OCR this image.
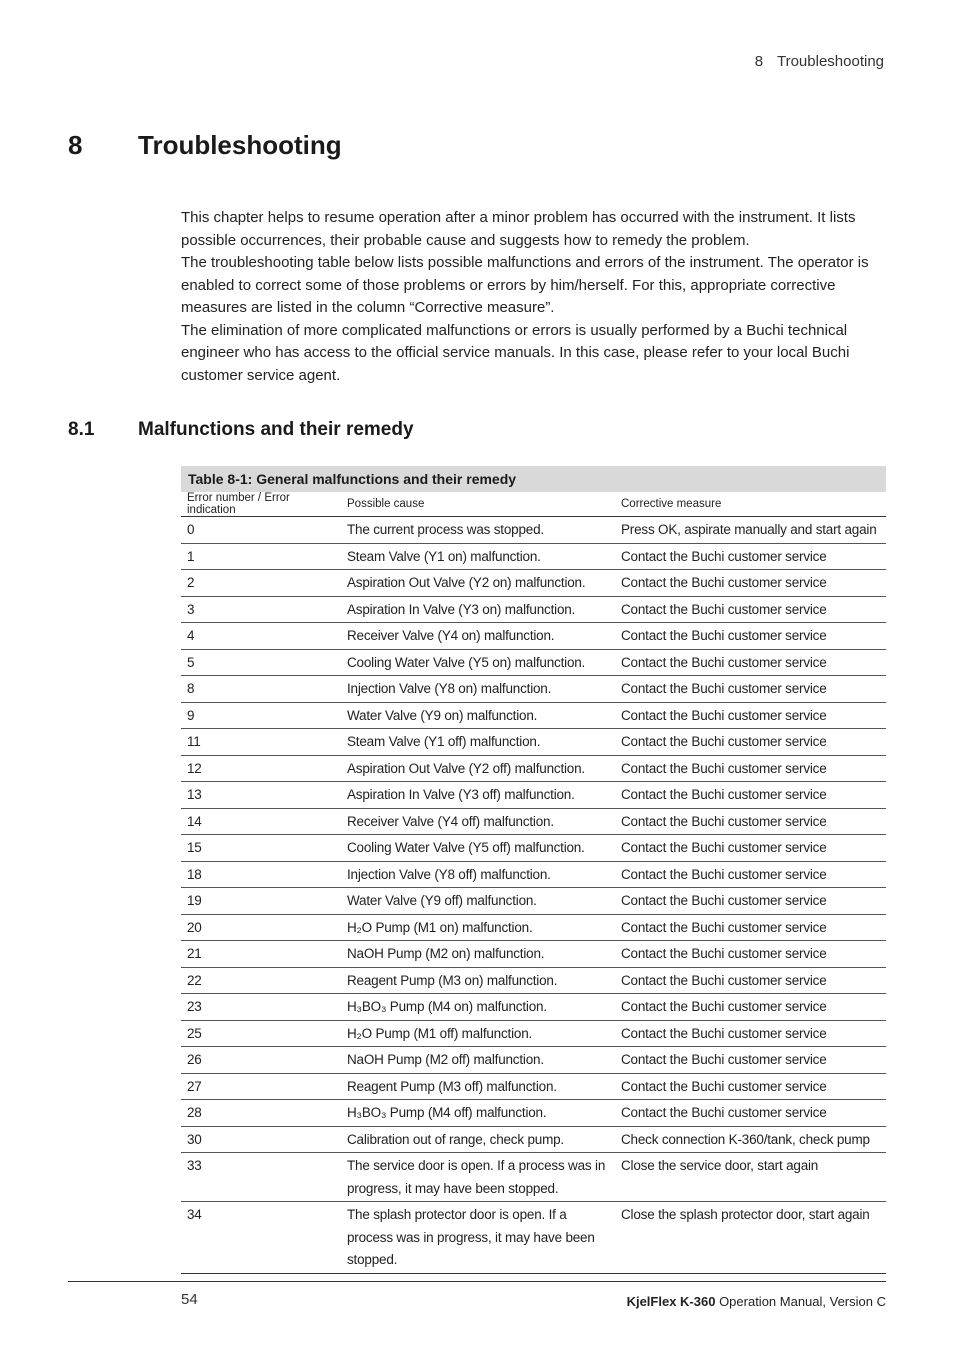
8 Troubleshooting
8 Troubleshooting

This chapter helps to resume operation after a minor problem has occurred with the instrument. It lists possible occurrences, their probable cause and suggests how to remedy the problem.

The troubleshooting table below lists possible malfunctions and errors of the instrument. The operator is enabled to correct some of those problems or errors by him/herself. For this, appropriate corrective measures are listed in the column “Corrective measure”.

The elimination of more complicated malfunctions or errors is usually performed by a Buchi technical engineer who has access to the official service manuals. In this case, please refer to your local Buchi customer service agent.

8.1 Malfunctions and their remedy
Table 8-1: General malfunctions and their remedy
Error number / Error indication	Possible cause	Corrective measure
0	The current process was stopped.	Press OK, aspirate manually and start again
1	Steam Valve (Y1 on) malfunction.	Contact the Buchi customer service
2	Aspiration Out Valve (Y2 on) malfunction.	Contact the Buchi customer service
3	Aspiration In Valve (Y3 on) malfunction.	Contact the Buchi customer service
4	Receiver Valve (Y4 on) malfunction.	Contact the Buchi customer service
5	Cooling Water Valve (Y5 on) malfunction.	Contact the Buchi customer service
8	Injection Valve (Y8 on) malfunction.	Contact the Buchi customer service
9	Water Valve (Y9 on) malfunction.	Contact the Buchi customer service
11	Steam Valve (Y1 off) malfunction.	Contact the Buchi customer service
12	Aspiration Out Valve (Y2 off) malfunction.	Contact the Buchi customer service
13	Aspiration In Valve (Y3 off) malfunction.	Contact the Buchi customer service
14	Receiver Valve (Y4 off) malfunction.	Contact the Buchi customer service
15	Cooling Water Valve (Y5 off) malfunction.	Contact the Buchi customer service
18	Injection Valve (Y8 off) malfunction.	Contact the Buchi customer service
19	Water Valve (Y9 off) malfunction.	Contact the Buchi customer service
20	H₂O Pump (M1 on) malfunction.	Contact the Buchi customer service
21	NaOH Pump (M2 on) malfunction.	Contact the Buchi customer service
22	Reagent Pump (M3 on) malfunction.	Contact the Buchi customer service
23	H₃BO₃ Pump (M4 on) malfunction.	Contact the Buchi customer service
25	H₂O Pump (M1 off) malfunction.	Contact the Buchi customer service
26	NaOH Pump (M2 off) malfunction.	Contact the Buchi customer service
27	Reagent Pump (M3 off) malfunction.	Contact the Buchi customer service
28	H₃BO₃ Pump (M4 off) malfunction.	Contact the Buchi customer service
30	Calibration out of range, check pump.	Check connection K-360/tank, check pump
33	The service door is open. If a process was in progress, it may have been stopped.	Close the service door, start again
34	The splash protector door is open. If a process was in progress, it may have been stopped.	Close the splash protector door, start again
54	KjelFlex K-360 Operation Manual, Version C
